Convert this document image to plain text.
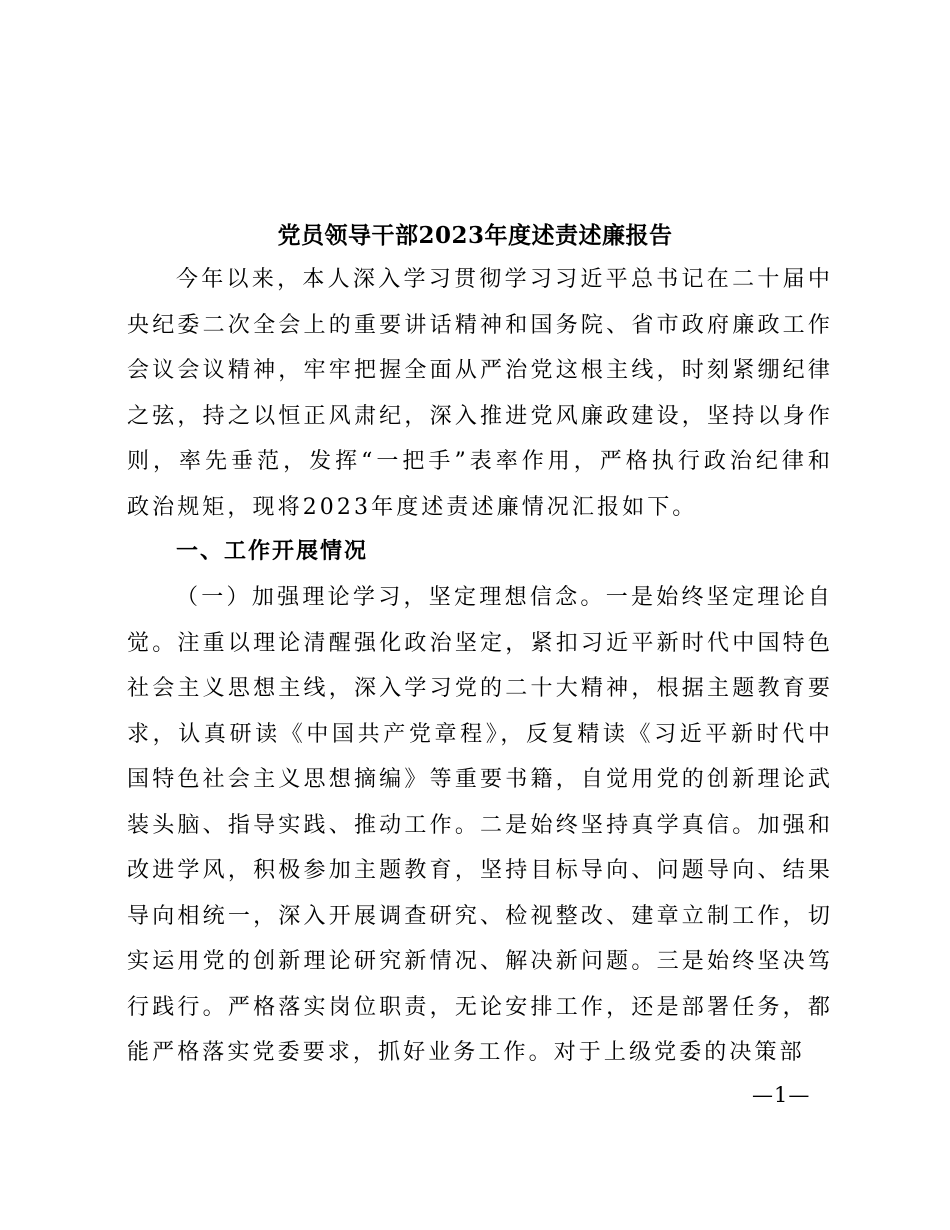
党员领导干部2023年度述责述廉报告

今年以来，本人深入学习贯彻学习习近平总书记在二十届中央纪委二次全会上的重要讲话精神和国务院、省市政府廉政工作会议会议精神，牢牢把握全面从严治党这根主线，时刻紧绷纪律之弦，持之以恒正风肃纪，深入推进党风廉政建设，坚持以身作则，率先垂范，发挥“一把手”表率作用，严格执行政治纪律和政治规矩，现将2023年度述责述廉情况汇报如下。

一、工作开展情况

（一）加强理论学习，坚定理想信念。一是始终坚定理论自觉。注重以理论清醒强化政治坚定，紧扣习近平新时代中国特色社会主义思想主线，深入学习党的二十大精神，根据主题教育要求，认真研读《中国共产党章程》，反复精读《习近平新时代中国特色社会主义思想摘编》等重要书籍，自觉用党的创新理论武装头脑、指导实践、推动工作。二是始终坚持真学真信。加强和改进学风，积极参加主题教育，坚持目标导向、问题导向、结果导向相统一，深入开展调查研究、检视整改、建章立制工作，切实运用党的创新理论研究新情况、解决新问题。三是始终坚决笃行践行。严格落实岗位职责，无论安排工作，还是部署任务，都能严格落实党委要求，抓好业务工作。对于上级党委的决策部

—1—
